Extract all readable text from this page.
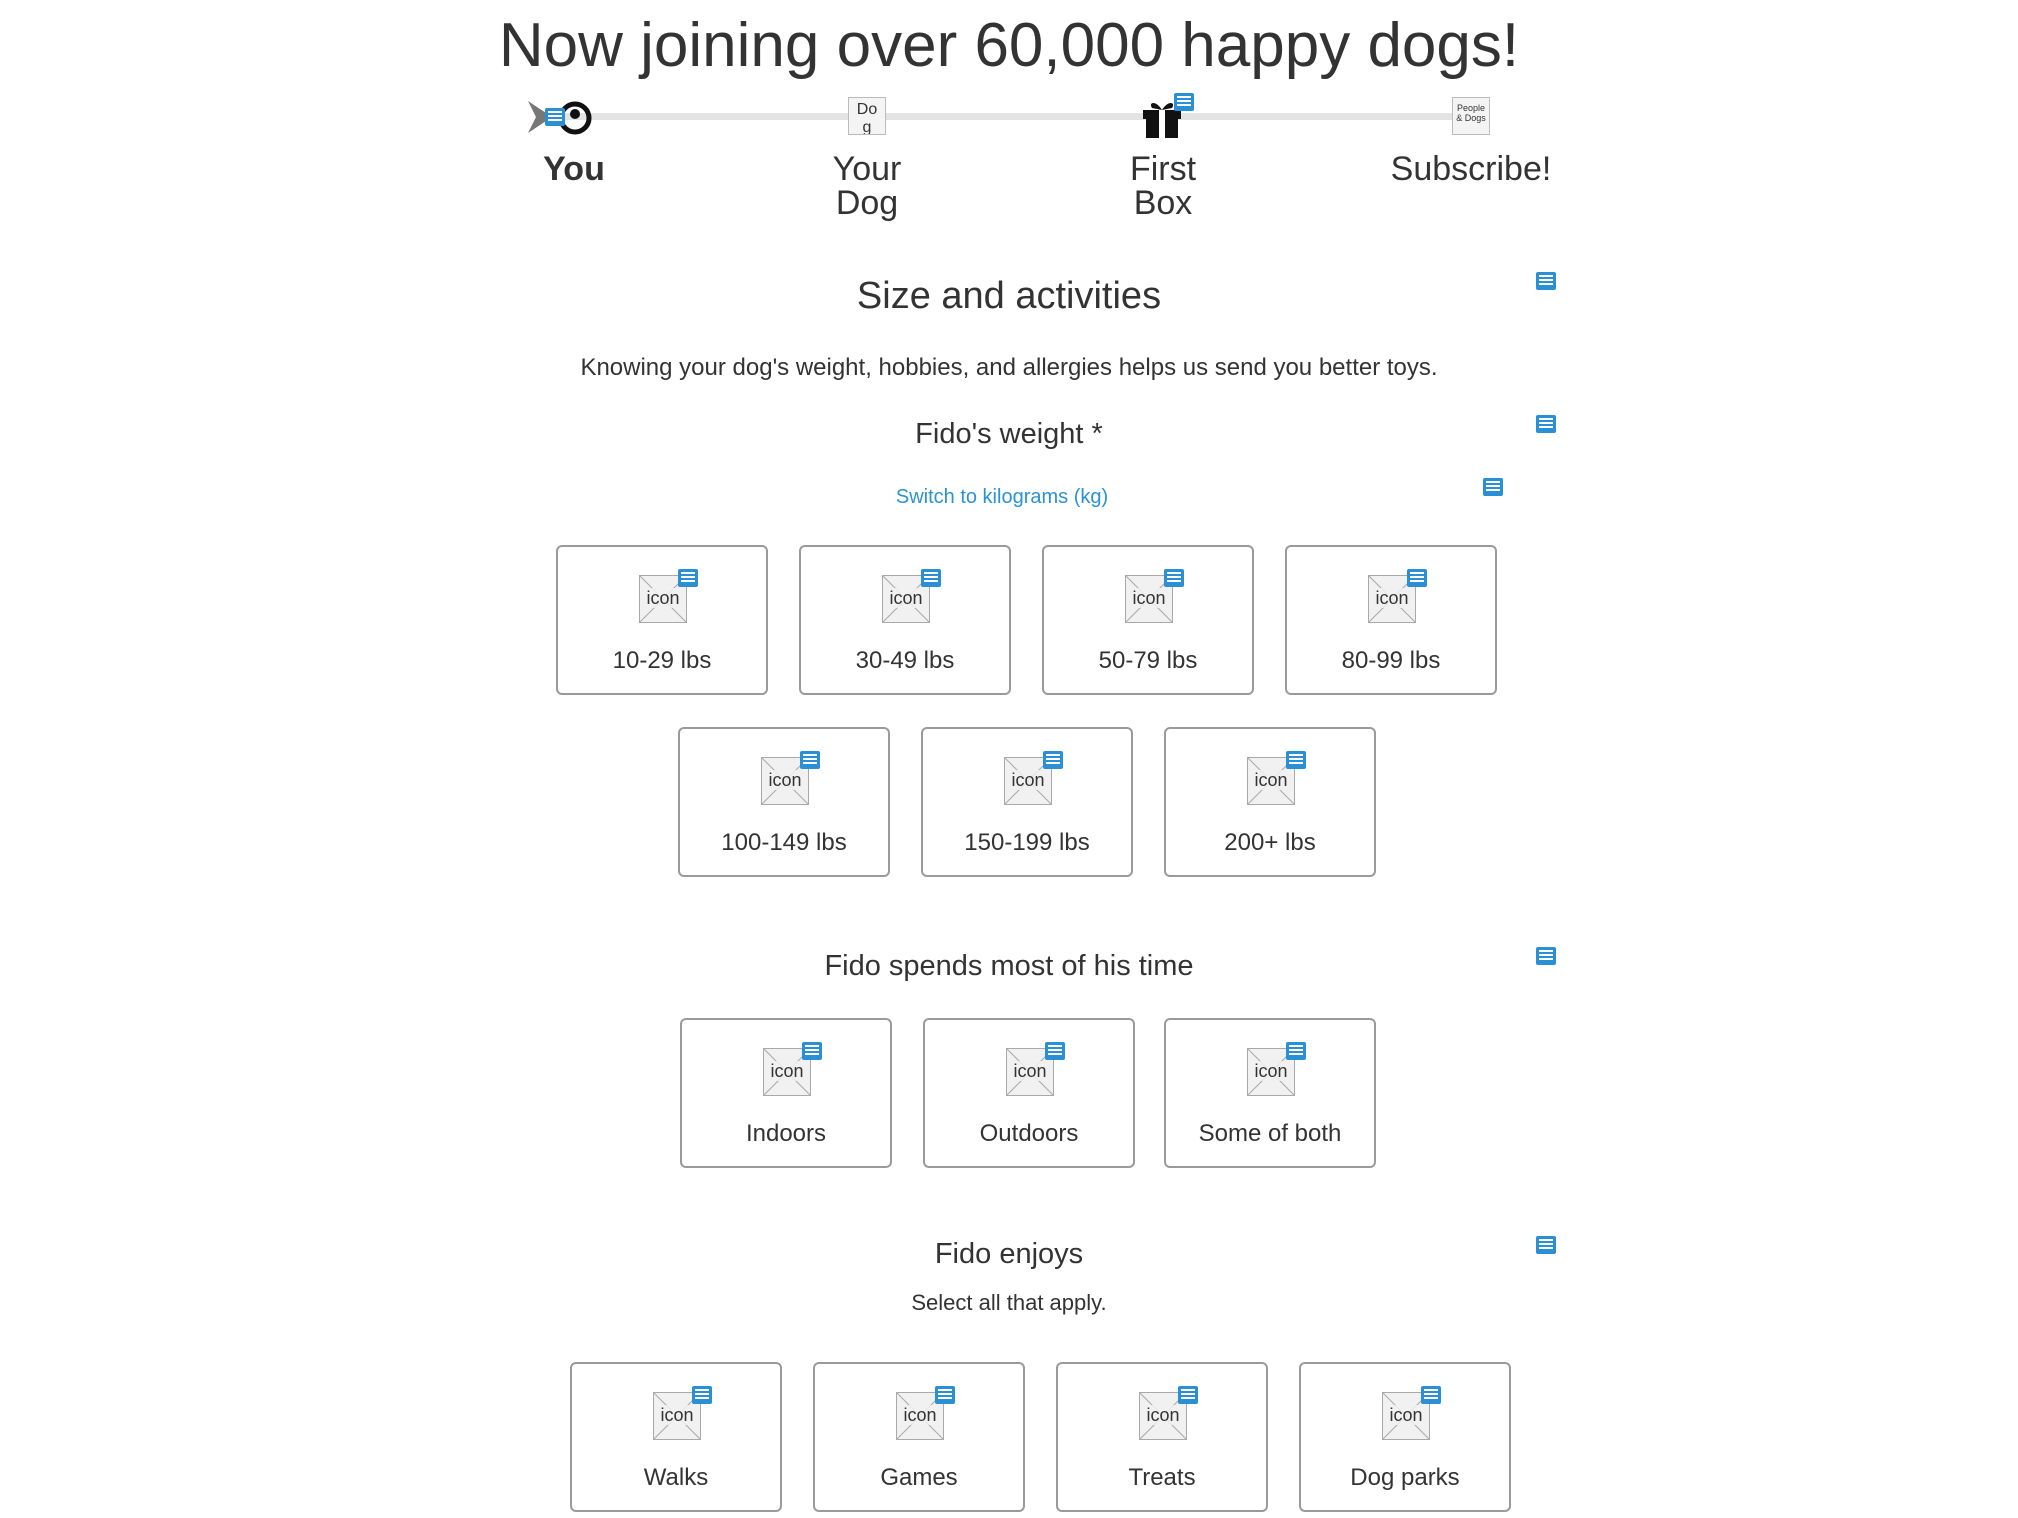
Now joining over 60,000 happy dogs!
You
Dog
Your
Dog
First
Box
People & Dogs
Subscribe!
Size and activities
Knowing your dog's weight, hobbies, and allergies helps us send you better toys.
Fido's weight *
Switch to kilograms (kg)
icon
10-29 lbs
icon
30-49 lbs
icon
50-79 lbs
icon
80-99 lbs
icon
100-149 lbs
icon
150-199 lbs
icon
200+ lbs
Fido spends most of his time
icon
Indoors
icon
Outdoors
icon
Some of both
Fido enjoys
Select all that apply.
icon
Walks
icon
Games
icon
Treats
icon
Dog parks
